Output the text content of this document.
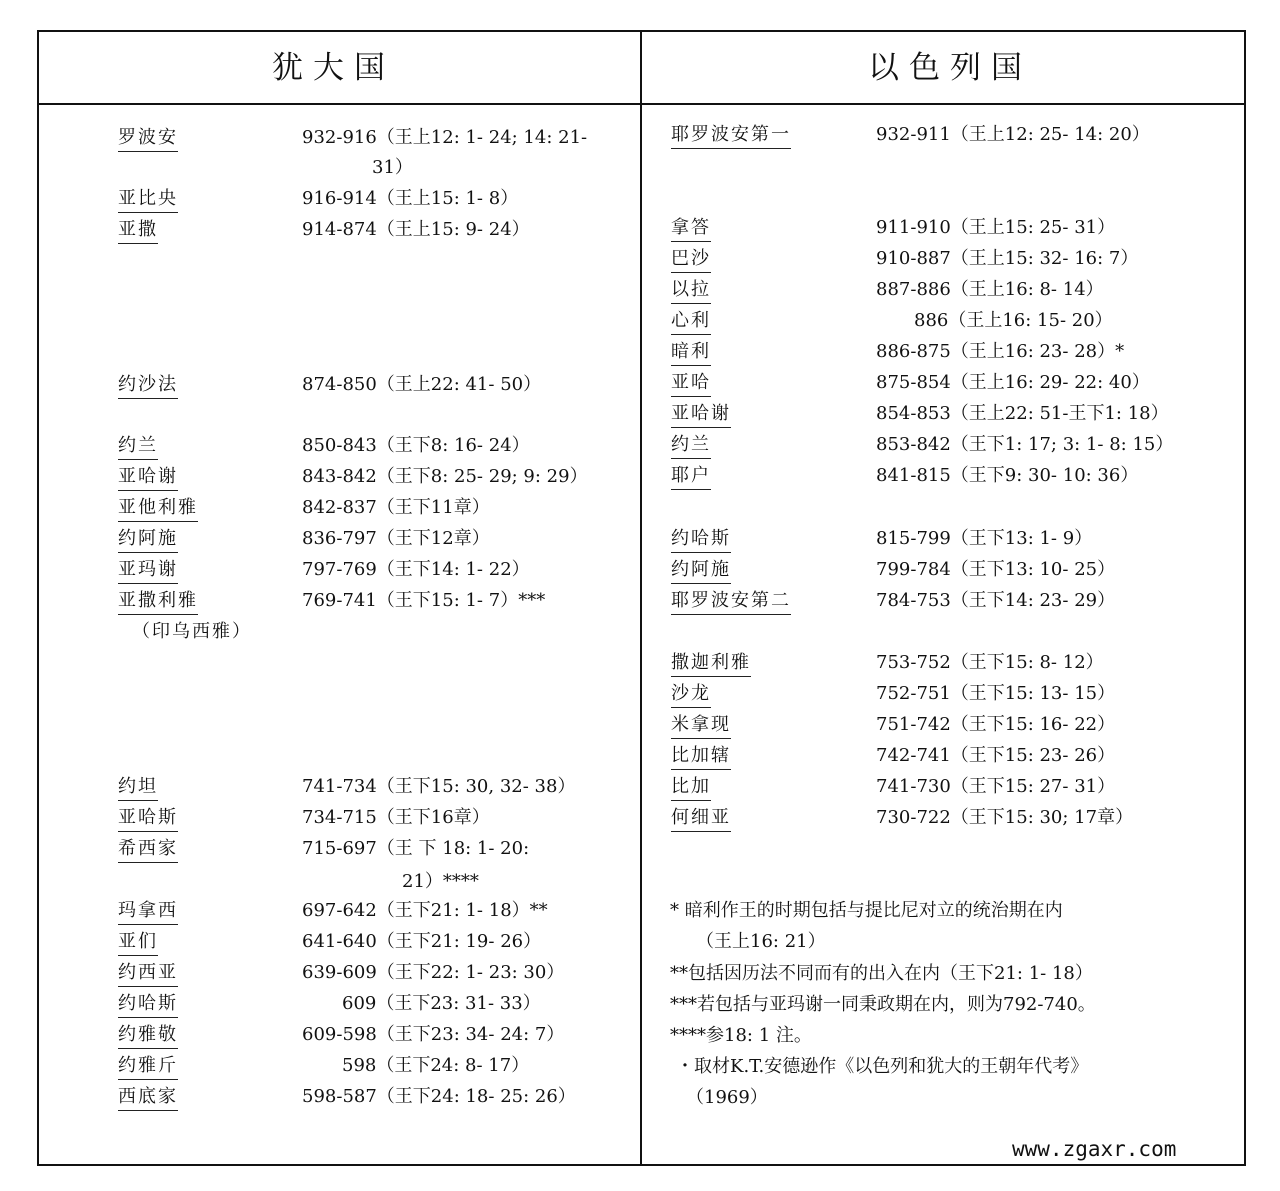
犹大国	以色列国
罗波安	932-916（王上12: 1- 24; 14: 21-
31）
亚比央	916-914（王上15: 1- 8）
亚撒	914-874（王上15: 9- 24）
约沙法	874-850（王上22: 41- 50）
约兰	850-843（王下8: 16- 24）
亚哈谢	843-842（王下8: 25- 29; 9: 29）
亚他利雅	842-837（王下11章）
约阿施	836-797（王下12章）
亚玛谢	797-769（王下14: 1- 22）
亚撒利雅	769-741（王下15: 1- 7）***
（印乌西雅）
约坦	741-734（王下15: 30, 32- 38）
亚哈斯	734-715（王下16章）
希西家	715-697（王 下 18: 1- 20:
21）****
玛拿西	697-642（王下21: 1- 18）**
亚们	641-640（王下21: 19- 26）
约西亚	639-609（王下22: 1- 23: 30）
约哈斯	609（王下23: 31- 33）
约雅敬	609-598（王下23: 34- 24: 7）
约雅斤	598（王下24: 8- 17）
西底家	598-587（王下24: 18- 25: 26）
耶罗波安第一	932-911（王上12: 25- 14: 20）
拿答	911-910（王上15: 25- 31）
巴沙	910-887（王上15: 32- 16: 7）
以拉	887-886（王上16: 8- 14）
心利	886（王上16: 15- 20）
暗利	886-875（王上16: 23- 28）*
亚哈	875-854（王上16: 29- 22: 40）
亚哈谢	854-853（王上22: 51-王下1: 18）
约兰	853-842（王下1: 17; 3: 1- 8: 15）
耶户	841-815（王下9: 30- 10: 36）
约哈斯	815-799（王下13: 1- 9）
约阿施	799-784（王下13: 10- 25）
耶罗波安第二	784-753（王下14: 23- 29）
撒迦利雅	753-752（王下15: 8- 12）
沙龙	752-751（王下15: 13- 15）
米拿现	751-742（王下15: 16- 22）
比加辖	742-741（王下15: 23- 26）
比加	741-730（王下15: 27- 31）
何细亚	730-722（王下15: 30; 17章）
* 暗利作王的时期包括与提比尼对立的统治期在内
（王上16: 21）
**包括因历法不同而有的出入在内（王下21: 1- 18）
***若包括与亚玛谢一同秉政期在内，则为792-740。
****参18: 1 注。
・取材K.T.安德逊作《以色列和犹大的王朝年代考》
（1969）
www.zgaxr.com
